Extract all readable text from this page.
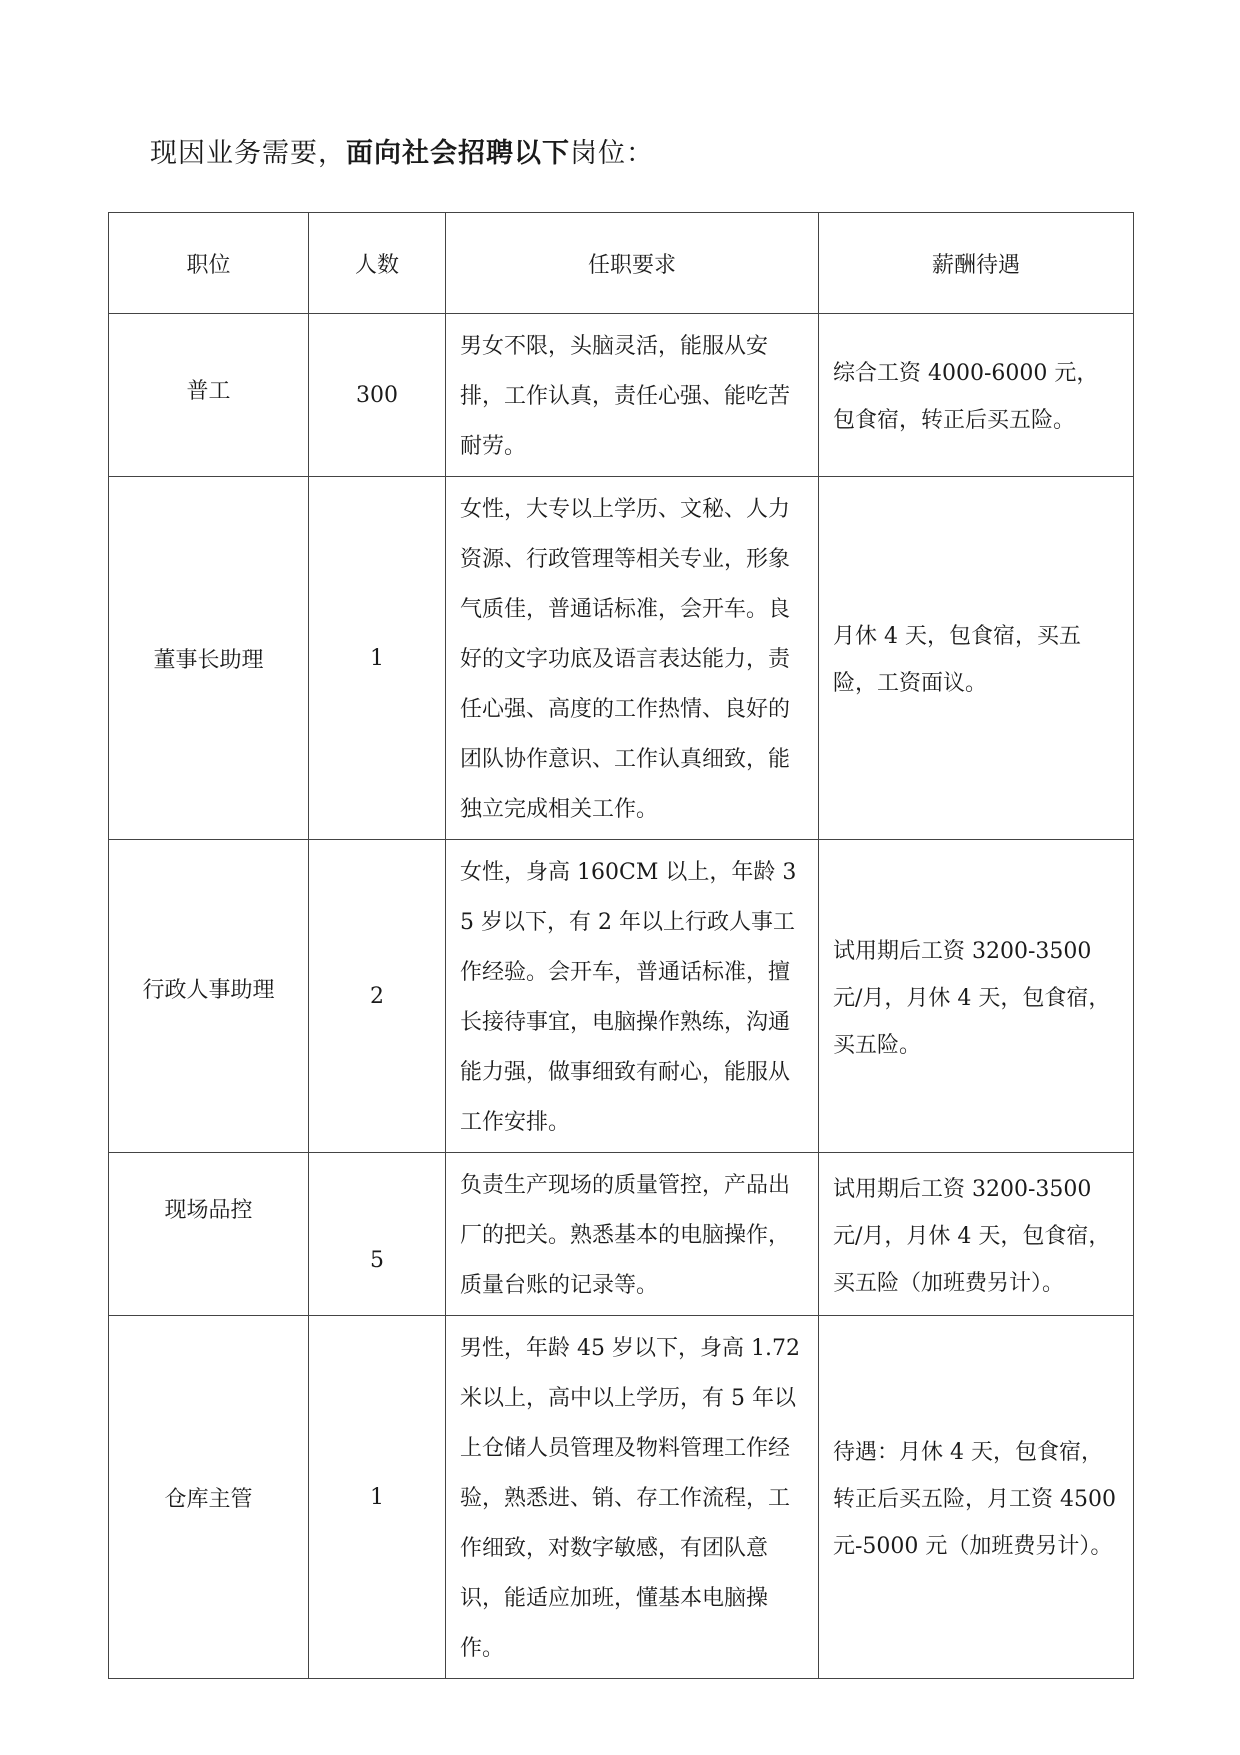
现因业务需要，面向社会招聘以下岗位：
职位	人数	任职要求	薪酬待遇
普工	300	男女不限，头脑灵活，能服从安排，工作认真，责任心强、能吃苦耐劳。	综合工资 4000-6000 元，包食宿，转正后买五险。
董事长助理	1	女性，大专以上学历、文秘、人力资源、行政管理等相关专业，形象气质佳，普通话标准，会开车。良好的文字功底及语言表达能力，责任心强、高度的工作热情、良好的团队协作意识、工作认真细致，能独立完成相关工作。	月休 4 天，包食宿，买五险，工资面议。
行政人事助理	2	女性，身高 160CM 以上，年龄 35 岁以下，有 2 年以上行政人事工作经验。会开车，普通话标准，擅长接待事宜，电脑操作熟练，沟通能力强，做事细致有耐心，能服从工作安排。	试用期后工资 3200-3500 元/月，月休 4 天，包食宿，买五险。
现场品控	5	负责生产现场的质量管控，产品出厂的把关。熟悉基本的电脑操作，质量台账的记录等。	试用期后工资 3200-3500 元/月，月休 4 天，包食宿，买五险（加班费另计）。
仓库主管	1	男性，年龄 45 岁以下，身高 1.72 米以上，高中以上学历，有 5 年以上仓储人员管理及物料管理工作经验，熟悉进、销、存工作流程，工作细致，对数字敏感，有团队意识，能适应加班，懂基本电脑操作。	待遇：月休 4 天，包食宿，转正后买五险，月工资 4500 元-5000 元（加班费另计）。
